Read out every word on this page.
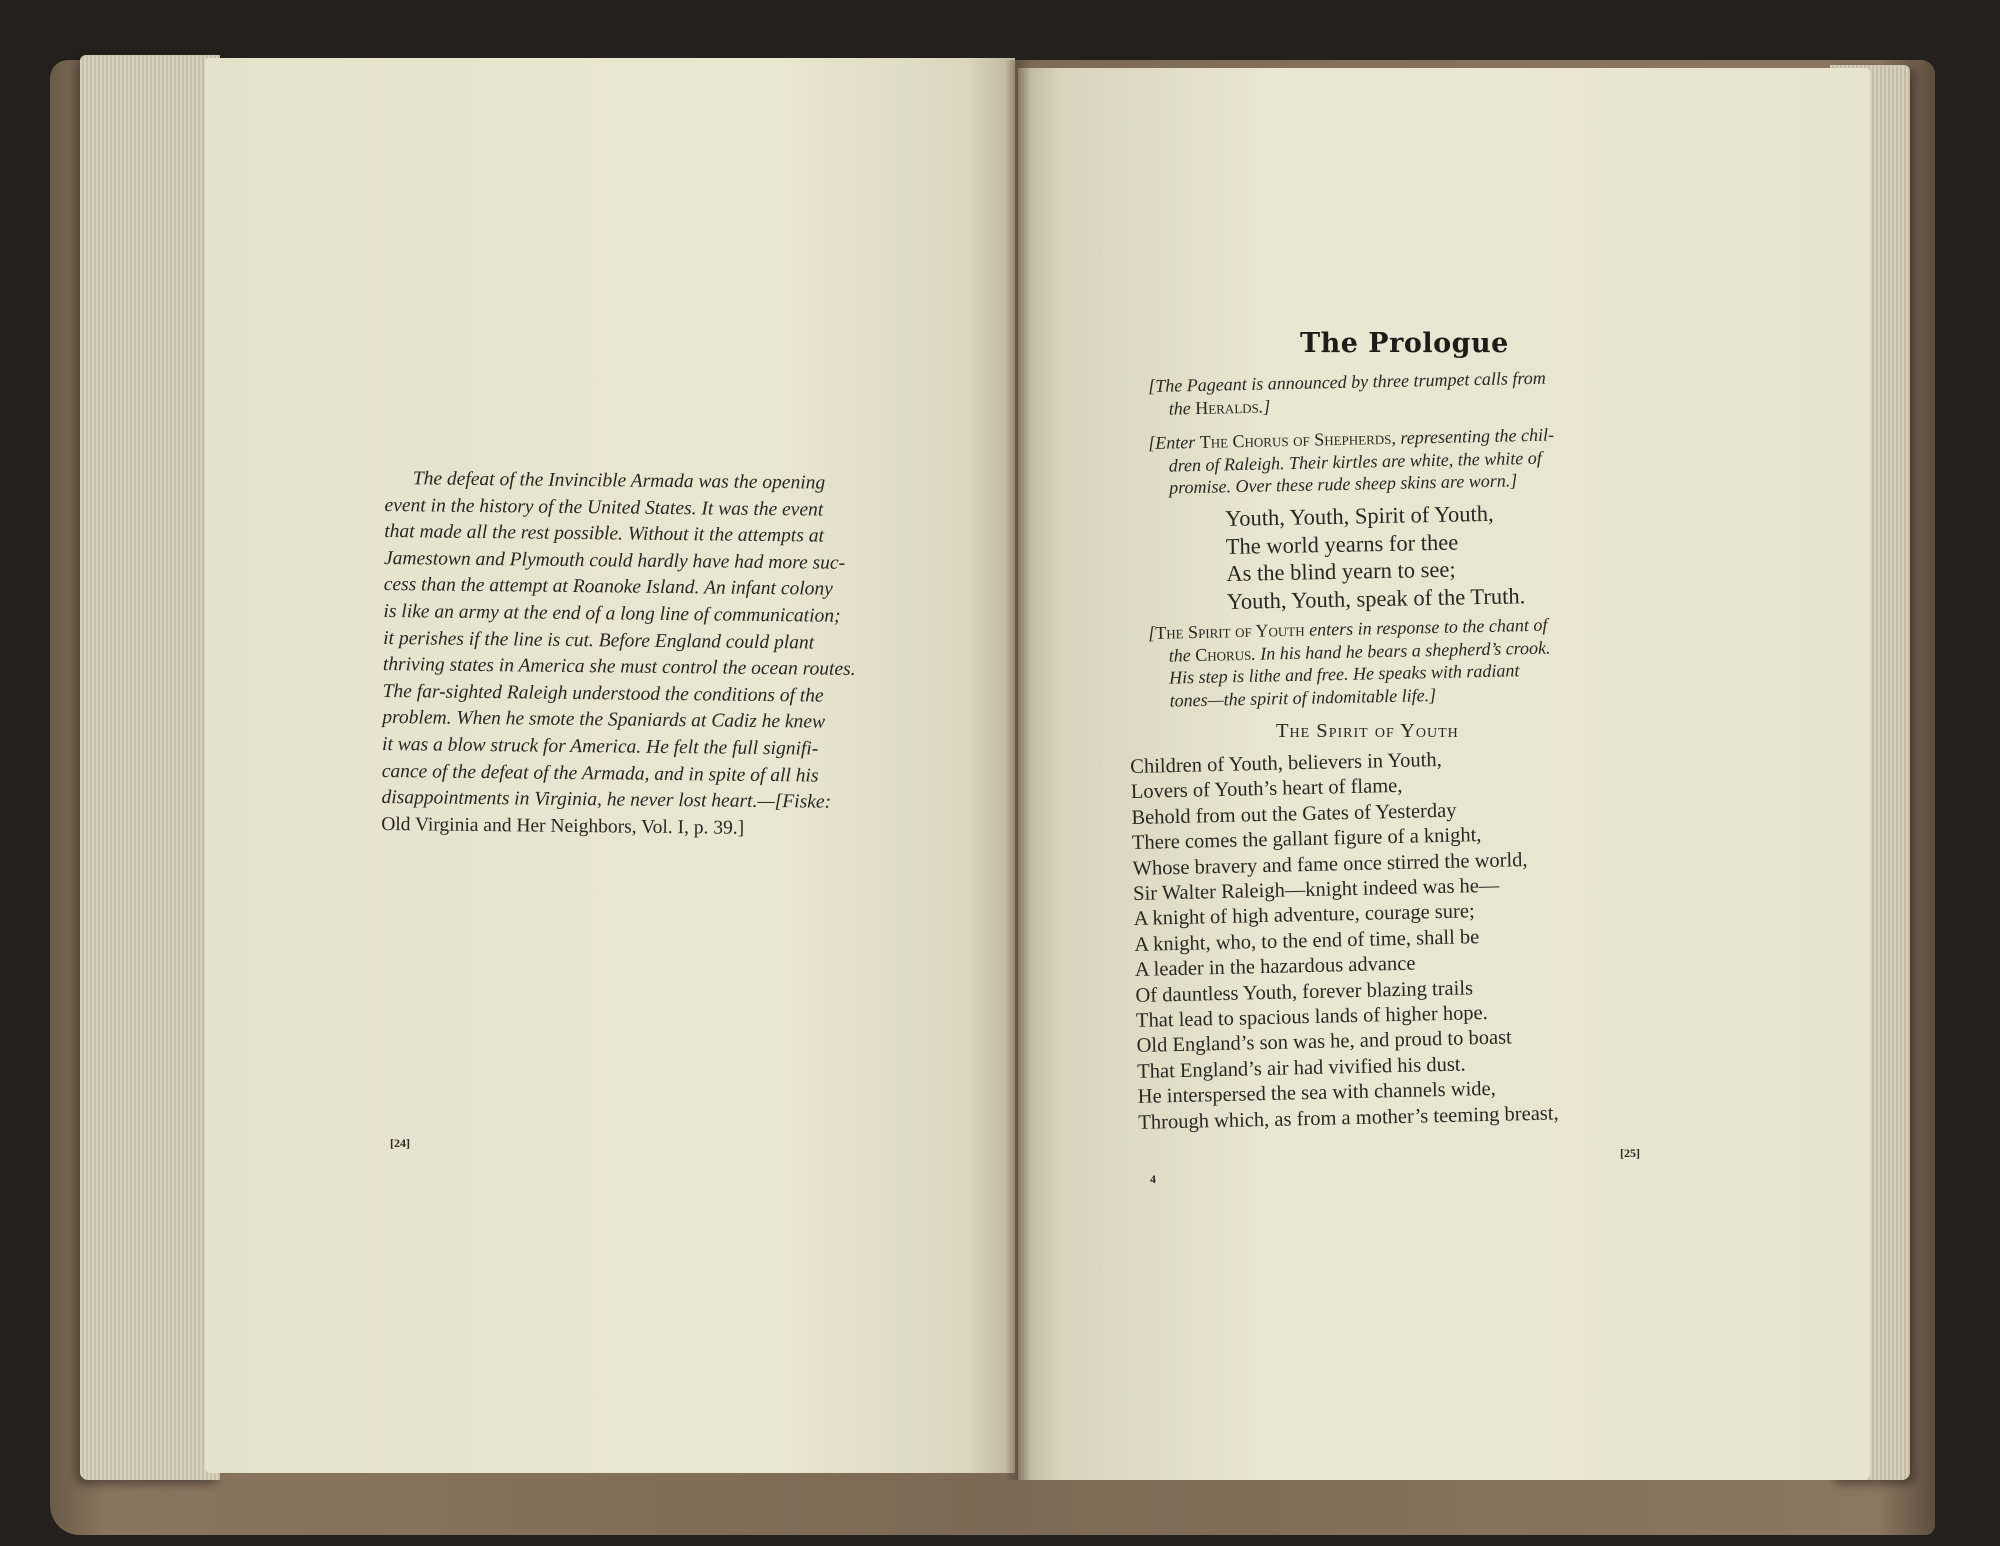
The defeat of the Invincible Armada was the opening
event in the history of the United States. It was the event
that made all the rest possible. Without it the attempts at
Jamestown and Plymouth could hardly have had more suc-
cess than the attempt at Roanoke Island. An infant colony
is like an army at the end of a long line of communication;
it perishes if the line is cut. Before England could plant
thriving states in America she must control the ocean routes.
The far-sighted Raleigh understood the conditions of the
problem. When he smote the Spaniards at Cadiz he knew
it was a blow struck for America. He felt the full signifi-
cance of the defeat of the Armada, and in spite of all his
disappointments in Virginia, he never lost heart.—[Fiske:
Old Virginia and Her Neighbors, Vol. I, p. 39.]
[24]
The Prologue
[The Pageant is announced by three trumpet calls from
the Heralds.]
[Enter The Chorus of Shepherds, representing the chil-
dren of Raleigh. Their kirtles are white, the white of
promise. Over these rude sheep skins are worn.]
Youth, Youth, Spirit of Youth,
The world yearns for thee
As the blind yearn to see;
Youth, Youth, speak of the Truth.
[The Spirit of Youth enters in response to the chant of
the Chorus. In his hand he bears a shepherd’s crook.
His step is lithe and free. He speaks with radiant
tones—the spirit of indomitable life.]
The Spirit of Youth
Children of Youth, believers in Youth,
Lovers of Youth’s heart of flame,
Behold from out the Gates of Yesterday
There comes the gallant figure of a knight,
Whose bravery and fame once stirred the world,
Sir Walter Raleigh—knight indeed was he—
A knight of high adventure, courage sure;
A knight, who, to the end of time, shall be
A leader in the hazardous advance
Of dauntless Youth, forever blazing trails
That lead to spacious lands of higher hope.
Old England’s son was he, and proud to boast
That England’s air had vivified his dust.
He interspersed the sea with channels wide,
Through which, as from a mother’s teeming breast,
4
[25]
